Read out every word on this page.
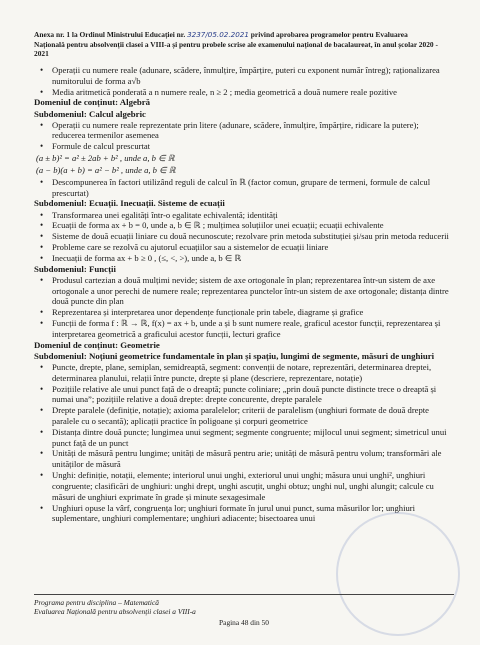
Anexa nr. 1 la Ordinul Ministrului Educației nr. 3237/05.02.2021 privind aprobarea programelor pentru Evaluarea
Națională pentru absolvenții clasei a VIII-a și pentru probele scrise ale examenului național de bacalaureat, în anul școlar 2020 - 2021
• Operații cu numere reale (adunare, scădere, înmulțire, împărțire, puteri cu exponent număr întreg); raționalizarea numitorului de forma a√b
• Media aritmetică ponderată a n numere reale, n ≥ 2 ; media geometrică a două numere reale pozitive
Domeniul de conținut: Algebră
Subdomeniul: Calcul algebric
• Operații cu numere reale reprezentate prin litere (adunare, scădere, înmulțire, împărțire, ridicare la putere); reducerea termenilor asemenea
• Formule de calcul prescurtat
(a ± b)² = a² ± 2ab + b² , unde a, b ∈ ℝ
(a − b)(a + b) = a² − b² , unde a, b ∈ ℝ
• Descompunerea în factori utilizând reguli de calcul în ℝ (factor comun, grupare de termeni, formule de calcul prescurtat)
Subdomeniul: Ecuații. Inecuații. Sisteme de ecuații
• Transformarea unei egalități într-o egalitate echivalentă; identități
• Ecuații de forma ax + b = 0, unde a, b ∈ ℝ ; mulțimea soluțiilor unei ecuații; ecuații echivalente
• Sisteme de două ecuații liniare cu două necunoscute; rezolvare prin metoda substituției și/sau prin metoda reducerii
• Probleme care se rezolvă cu ajutorul ecuațiilor sau a sistemelor de ecuații liniare
• Inecuații de forma ax + b ≥ 0 , (≤, <, >), unde a, b ∈ ℝ
Subdomeniul: Funcții
• Produsul cartezian a două mulțimi nevide; sistem de axe ortogonale în plan; reprezentarea într-un sistem de axe ortogonale a unor perechi de numere reale; reprezentarea punctelor într-un sistem de axe ortogonale; distanța dintre două puncte din plan
• Reprezentarea și interpretarea unor dependențe funcționale prin tabele, diagrame și grafice
• Funcții de forma f : ℝ → ℝ, f(x) = ax + b, unde a și b sunt numere reale, graficul acestor funcții, reprezentarea și interpretarea geometrică a graficului acestor funcții, lecturi grafice
Domeniul de conținut: Geometrie
Subdomeniul: Noțiuni geometrice fundamentale în plan și spațiu, lungimi de segmente, măsuri de unghiuri
• Puncte, drepte, plane, semiplan, semidreaptă, segment: convenții de notare, reprezentări, determinarea dreptei, determinarea planului, relații între puncte, drepte și plane (descriere, reprezentare, notație)
• Pozițiile relative ale unui punct față de o dreaptă; puncte coliniare; „prin două puncte distincte trece o dreaptă și numai una”; pozițiile relative a două drepte: drepte concurente, drepte paralele
• Drepte paralele (definiție, notație); axioma paralelelor; criterii de paralelism (unghiuri formate de două drepte paralele cu o secantă); aplicații practice în poligoane și corpuri geometrice
• Distanța dintre două puncte; lungimea unui segment; segmente congruente; mijlocul unui segment; simetricul unui punct față de un punct
• Unități de măsură pentru lungime; unități de măsură pentru arie; unități de măsură pentru volum; transformări ale unităților de măsură
• Unghi: definiție, notații, elemente; interiorul unui unghi, exteriorul unui unghi; măsura unui unghi², unghiuri congruente; clasificări de unghiuri: unghi drept, unghi ascuțit, unghi obtuz; unghi nul, unghi alungit; calcule cu măsuri de unghiuri exprimate în grade și minute sexagesimale
• Unghiuri opuse la vârf, congruența lor; unghiuri formate în jurul unui punct, suma măsurilor lor; unghiuri suplementare, unghiuri complementare; unghiuri adiacente; bisectoarea unui
Programa pentru disciplina – Matematică
Evaluarea Națională pentru absolvenții clasei a VIII-a
Pagina 48 din 50
